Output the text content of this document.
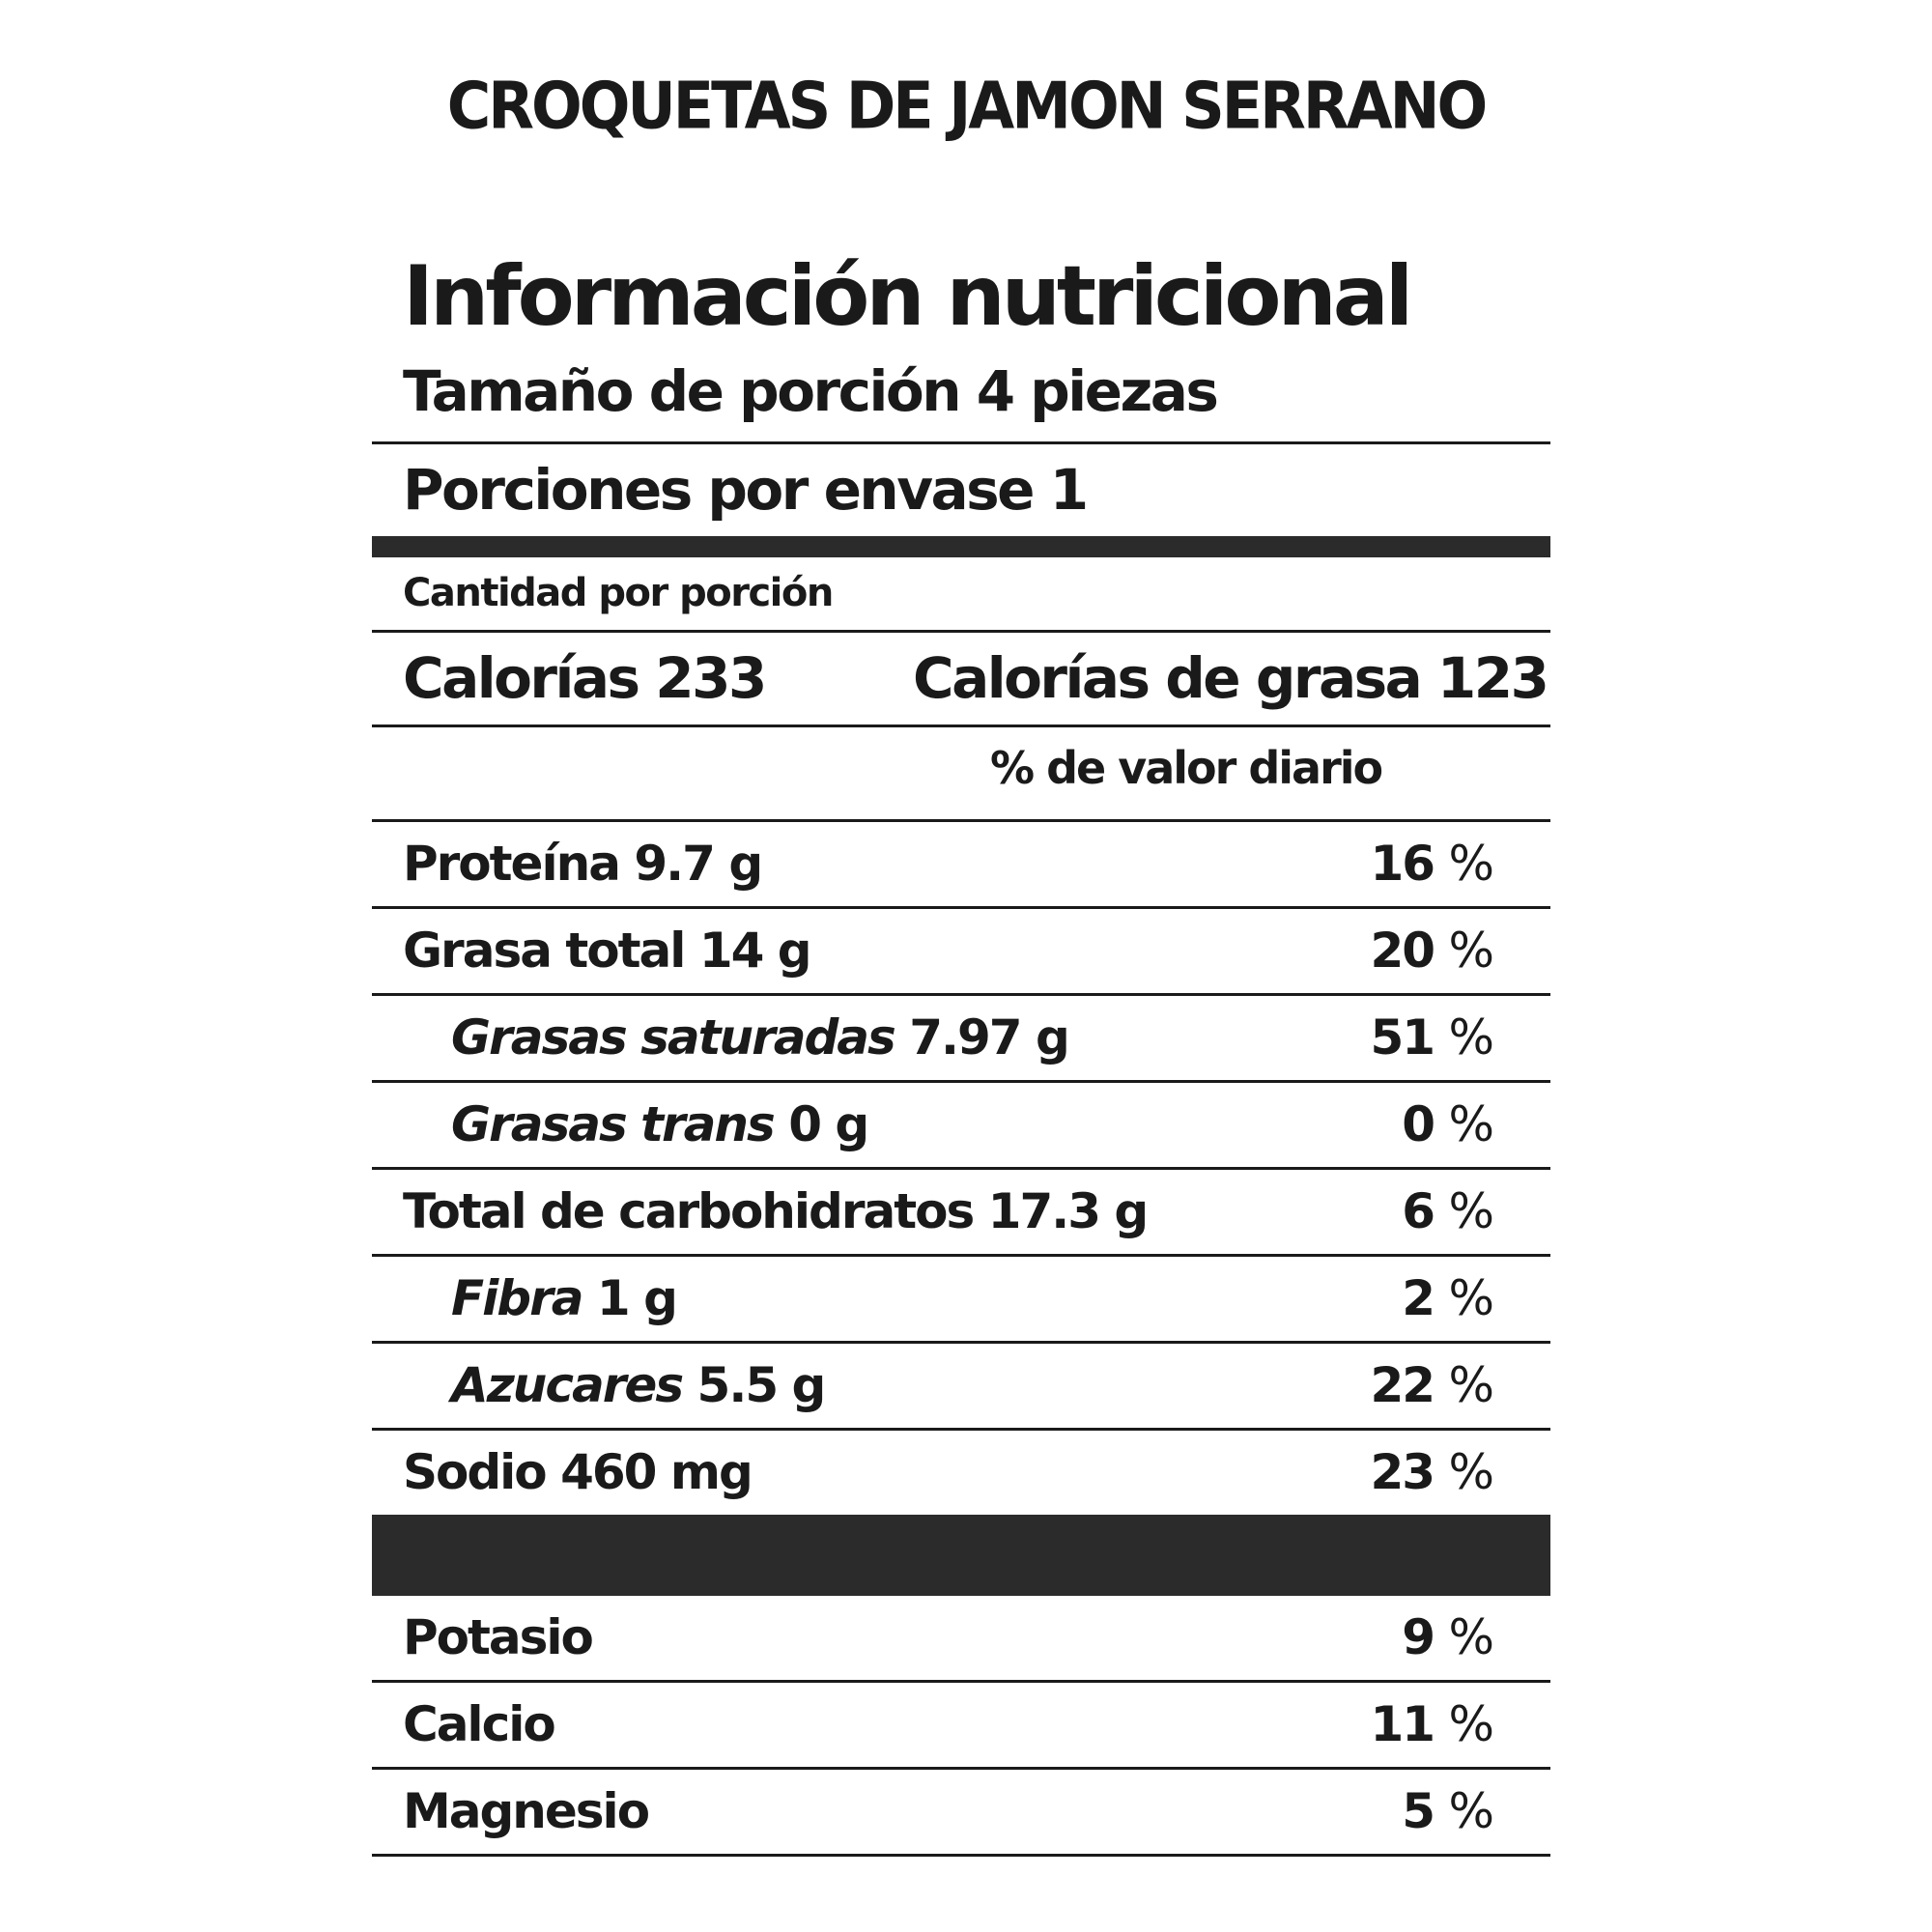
CROQUETAS DE JAMON SERRANO
Información nutricional
Tamaño de porción 4 piezas
Porciones por envase 1
Cantidad por porción
Calorías 233	Calorías de grasa 123
% de valor diario
Proteína 9.7 g	16 %
Grasa total 14 g	20 %
Grasas saturadas 7.97 g	51 %
Grasas trans 0 g	0 %
Total de carbohidratos 17.3 g	6 %
Fibra 1 g	2 %
Azucares 5.5 g	22 %
Sodio 460 mg	23 %
Potasio	9 %
Calcio	11 %
Magnesio	5 %
